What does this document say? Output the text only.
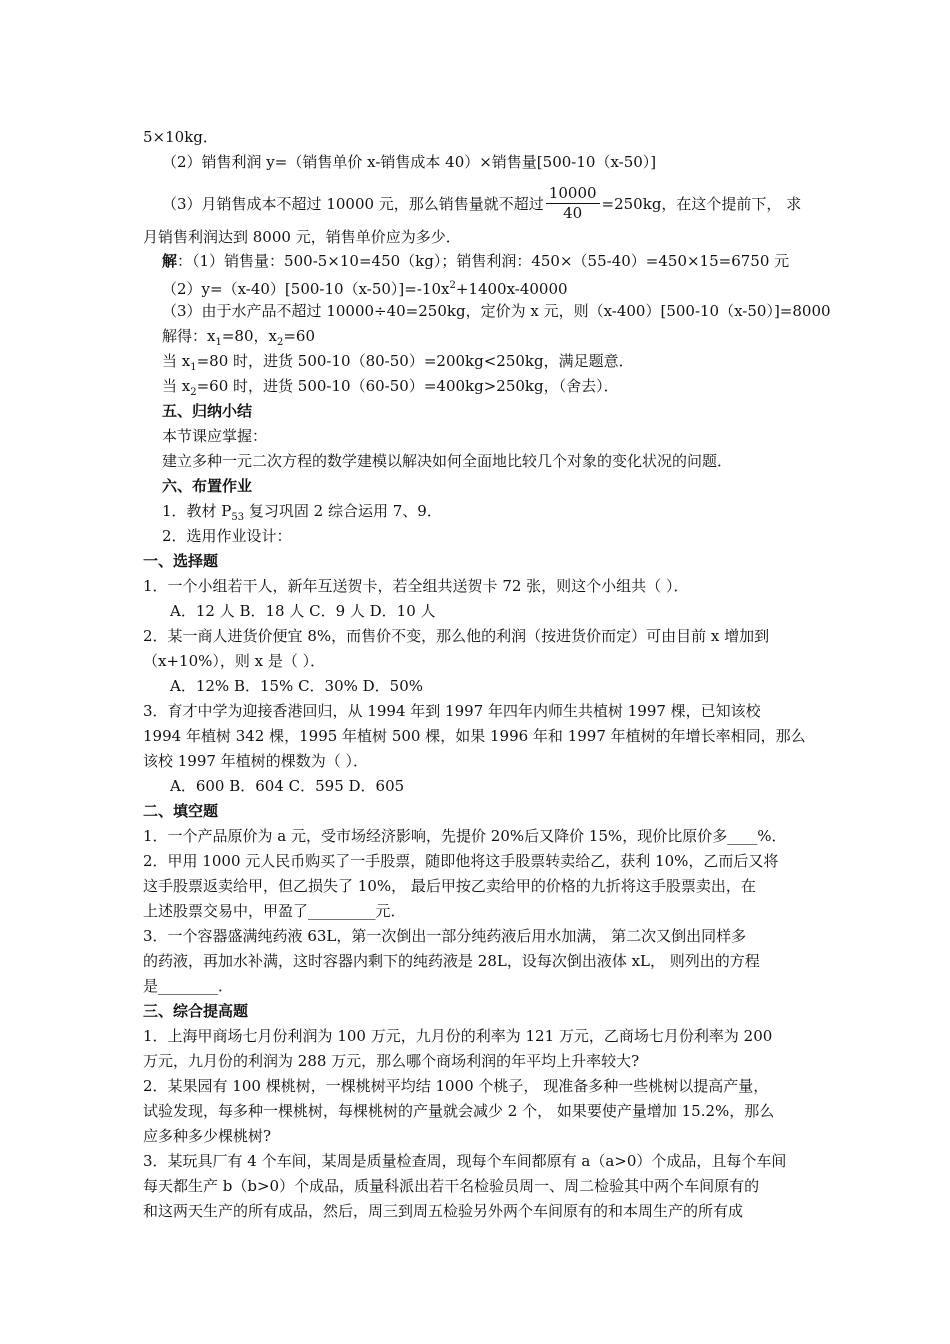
5×10kg．
（2）销售利润 y=（销售单价 x-销售成本 40）×销售量[500-10（x-50）]
（3）月销售成本不超过 10000 元，那么销售量就不超过 $\frac{10000}{40} =250kg$，在这个提前下， 求
月销售利润达到 8000 元，销售单价应为多少．
解：（1）销售量：500-5×10=450（kg）；销售利润：450×（55-40）=450×15=6750 元
$(2)y=(x-40)[500-10(x-50)]=-10x^2+1400x-40000$
（3）由于水产品不超过 10000÷40=250kg，定价为 x 元，则（x-400）[500-10（x-50）]=8000
解得：$x_1=80$，$x_2=60$
当 $x_1=80$ 时，进货 500-10（80-50）=200kg<250kg，满足题意．
当 $x_2=60$ 时，进货 500-10（60-50）=400kg>250kg，（舍去）．
五、归纳小结
本节课应掌握：
建立多种一元二次方程的数学建模以解决如何全面地比较几个对象的变化状况的问题．
六、布置作业
1．教材 $P_{53}$ 复习巩固 2 综合运用 7、9．
2．选用作业设计：
一、选择题
1．一个小组若干人，新年互送贺卡，若全组共送贺卡 72 张，则这个小组共（ ）．
A．12 人 B．18 人 C．9 人 D．10 人
2．某一商人进货价便宜 8%，而售价不变，那么他的利润（按进货价而定）可由目前 x 增加到
（x+10%），则 x 是（ ）．
A．12% B．15% C．30% D．50%
3．育才中学为迎接香港回归，从 1994 年到 1997 年四年内师生共植树 1997 棵，已知该校
1994 年植树 342 棵，1995 年植树 500 棵，如果 1996 年和 1997 年植树的年增长率相同，那么
该校 1997 年植树的棵数为（ ）．
A．600 B．604 C．595 D．605
二、填空题
1．一个产品原价为 a 元，受市场经济影响，先提价 20%后又降价 15%，现价比原价多____%．
2．甲用 1000 元人民币购买了一手股票，随即他将这手股票转卖给乙，获利 10%，乙而后又将
这手股票返卖给甲，但乙损失了 10%， 最后甲按乙卖给甲的价格的九折将这手股票卖出，在
上述股票交易中，甲盈了_________元．
3．一个容器盛满纯药液 63L，第一次倒出一部分纯药液后用水加满， 第二次又倒出同样多
的药液，再加水补满，这时容器内剩下的纯药液是 28L，设每次倒出液体 xL， 则列出的方程
是________．
三、综合提高题
1．上海甲商场七月份利润为 100 万元，九月份的利率为 121 万元，乙商场七月份利率为 200
万元，九月份的利润为 288 万元，那么哪个商场利润的年平均上升率较大?
2．某果园有 100 棵桃树，一棵桃树平均结 1000 个桃子， 现准备多种一些桃树以提高产量，
试验发现，每多种一棵桃树，每棵桃树的产量就会减少 2 个， 如果要使产量增加 15.2%，那么
应多种多少棵桃树?
3．某玩具厂有 4 个车间，某周是质量检查周，现每个车间都原有 a（a>0）个成品，且每个车间
每天都生产 b（b>0）个成品，质量科派出若干名检验员周一、周二检验其中两个车间原有的
和这两天生产的所有成品，然后，周三到周五检验另外两个车间原有的和本周生产的所有成
